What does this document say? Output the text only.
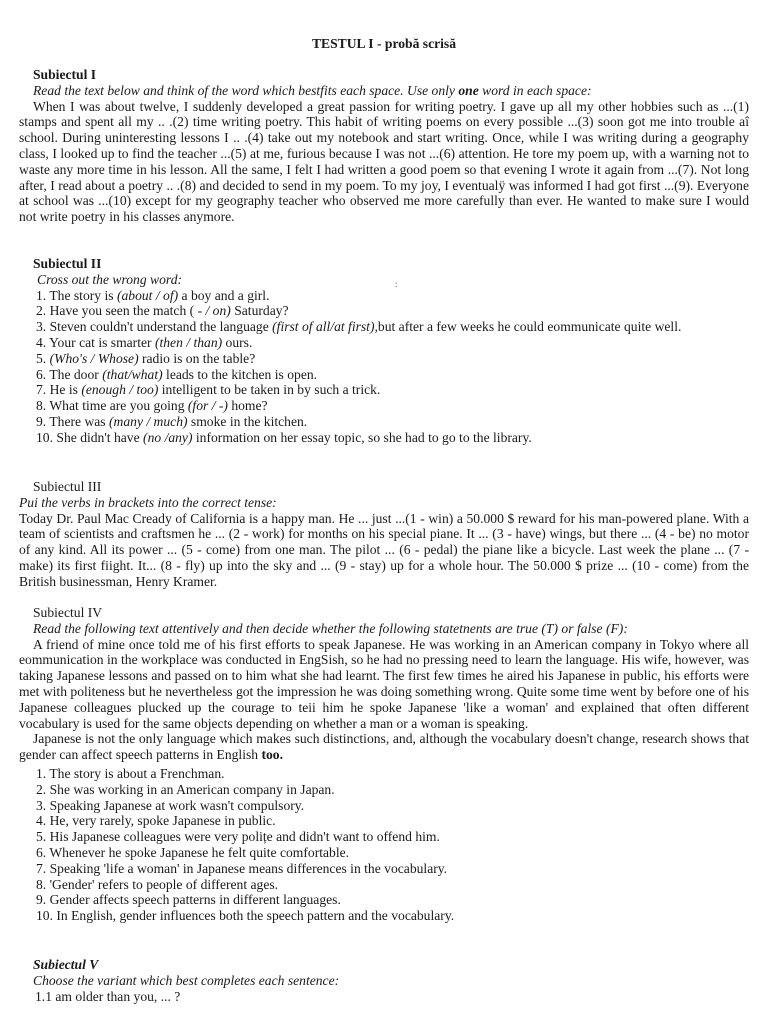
TESTUL I - probă scrisă
Subiectul I
Read the text below and think of the word which bestfits each space. Use only one word in each space:
When I was about twelve, I suddenly developed a great passion for writing poetry. I gave up all my other hobbies such as ...(1) stamps and spent all my .. .(2) time writing poetry. This habit of writing poems on every possible ...(3) soon got me into trouble aî school. During uninteresting lessons I .. .(4) take out my notebook and start writing. Once, while I was writing during a geography class, I looked up to find the teacher ...(5) at me, furious because I was not ...(6) attention. He tore my poem up, with a warning not to waste any more time in his lesson. All the same, I felt I had written a good poem so that evening I wrote it again from ...(7). Not long after, I read about a poetry .. .(8) and decided to send in my poem. To my joy, I eventualÿ was informed I had got first ...(9). Everyone at school was ...(10) except for my geography teacher who observed me more carefully than ever. He wanted to make sure I would not write poetry in his classes anymore.
Subiectul II
Cross out the wrong word:
1. The story is (about / of) a boy and a girl.
2. Have you seen the match ( - / on) Saturday?
3. Steven couldn't understand the language (first of all/at first),but after a few weeks he could eommunicate quite well.
4. Your cat is smarter (then / than) ours.
5. (Who's / Whose) radio is on the table?
6. The door (that/what) leads to the kitchen is open.
7. He is (enough / too) intelligent to be taken in by such a trick.
8. What time are you going (for / -) home?
9. There was (many / much) smoke in the kitchen.
10. She didn't have (no /any) information on her essay topic, so she had to go to the library.
:
Subiectul III
Pui the verbs in brackets into the correct tense:
Today Dr. Paul Mac Cready of California is a happy man. He ... just ...(1 - win) a 50.000 $ reward for his man-powered plane. With a team of scientists and craftsmen he ... (2 - work) for months on his special piane. It ... (3 - have) wings, but there ... (4 - be) no motor of any kind. All its power ... (5 - come) from one man. The pilot ... (6 - pedal) the piane like a bicycle. Last week the plane ... (7 - make) its first fiight. It... (8 - fly) up into the sky and ... (9 - stay) up for a whole hour. The 50.000 $ prize ... (10 - come) from the British businessman, Henry Kramer.
Subiectul IV
Read the following text attentively and then decide whether the following statetnents are true (T) or false (F):
A friend of mine once told me of his first efforts to speak Japanese. He was working in an American company in Tokyo where all eommunication in the workplace was conducted in EngSish, so he had no pressing need to learn the language. His wife, however, was taking Japanese lessons and passed on to him what she had learnt. The first few times he aired his Japanese in public, his efforts were met with politeness but he nevertheless got the impression he was doing something wrong. Quite some time went by before one of his Japanese colleagues plucked up the courage to teii him he spoke Japanese 'like a woman' and explained that often different vocabulary is used for the same objects depending on whether a man or a woman is speaking.
Japanese is not the only language which makes such distinctions, and, although the vocabulary doesn't change, research shows that gender can affect speech patterns in English too.
1. The story is about a Frenchman.
2. She was working in an American company in Japan.
3. Speaking Japanese at work wasn't compulsory.
4. He, very rarely, spoke Japanese in public.
5. His Japanese colleagues were very polițe and didn't want to offend him.
6. Whenever he spoke Japanese he felt quite comfortable.
7. Speaking 'life a woman' in Japanese means differences in the vocabulary.
8. 'Gender' refers to people of different ages.
9. Gender affects speech patterns in different languages.
10. In English, gender influences both the speech pattern and the vocabulary.
Subiectul V
Choose the variant which best completes each sentence:
1.1 am older than you, ... ?
